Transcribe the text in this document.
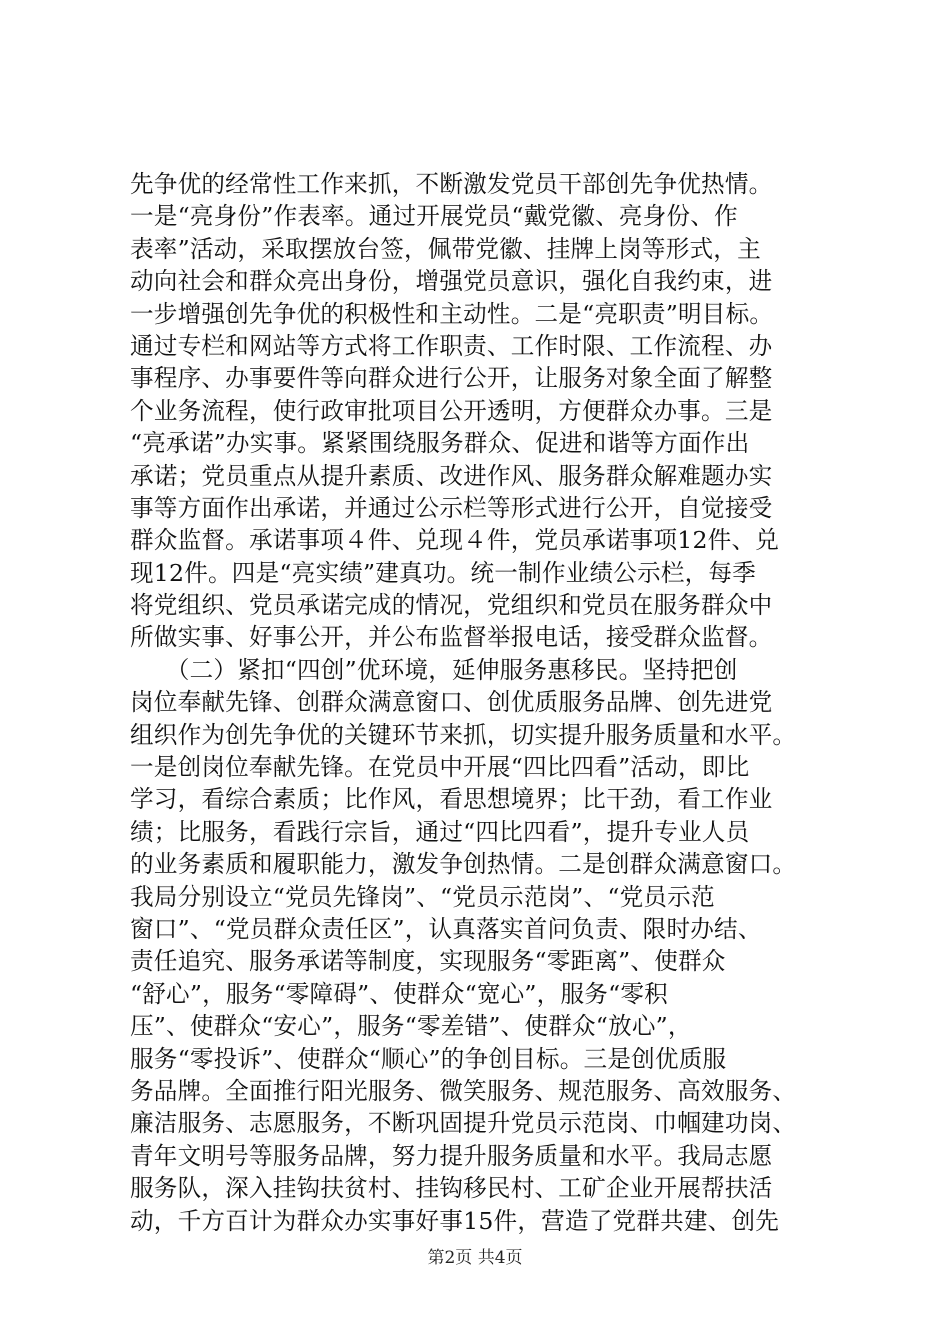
先争优的经常性工作来抓，不断激发党员干部创先争优热情。
一是“亮身份”作表率。通过开展党员“戴党徽、亮身份、作
表率”活动，采取摆放台签，佩带党徽、挂牌上岗等形式，主
动向社会和群众亮出身份，增强党员意识，强化自我约束，进
一步增强创先争优的积极性和主动性。二是“亮职责”明目标。
通过专栏和网站等方式将工作职责、工作时限、工作流程、办
事程序、办事要件等向群众进行公开，让服务对象全面了解整
个业务流程，使行政审批项目公开透明，方便群众办事。三是
“亮承诺”办实事。紧紧围绕服务群众、促进和谐等方面作出
承诺；党员重点从提升素质、改进作风、服务群众解难题办实
事等方面作出承诺，并通过公示栏等形式进行公开，自觉接受
群众监督。承诺事项４件、兑现４件，党员承诺事项12件、兑
现12件。四是“亮实绩”建真功。统一制作业绩公示栏，每季
将党组织、党员承诺完成的情况，党组织和党员在服务群众中
所做实事、好事公开，并公布监督举报电话，接受群众监督。
　　（二）紧扣“四创”优环境，延伸服务惠移民。坚持把创
岗位奉献先锋、创群众满意窗口、创优质服务品牌、创先进党
组织作为创先争优的关键环节来抓，切实提升服务质量和水平。
一是创岗位奉献先锋。在党员中开展“四比四看”活动，即比
学习，看综合素质；比作风，看思想境界；比干劲，看工作业
绩；比服务，看践行宗旨，通过“四比四看”，提升专业人员
的业务素质和履职能力，激发争创热情。二是创群众满意窗口。
我局分别设立“党员先锋岗”、“党员示范岗”、“党员示范
窗口”、“党员群众责任区”，认真落实首问负责、限时办结、
责任追究、服务承诺等制度，实现服务“零距离”、使群众
“舒心”，服务“零障碍”、使群众“宽心”，服务“零积
压”、使群众“安心”，服务“零差错”、使群众“放心”，
服务“零投诉”、使群众“顺心”的争创目标。三是创优质服
务品牌。全面推行阳光服务、微笑服务、规范服务、高效服务、
廉洁服务、志愿服务，不断巩固提升党员示范岗、巾帼建功岗、
青年文明号等服务品牌，努力提升服务质量和水平。我局志愿
服务队，深入挂钩扶贫村、挂钩移民村、工矿企业开展帮扶活
动，千方百计为群众办实事好事15件，营造了党群共建、创先
第2页 共4页
